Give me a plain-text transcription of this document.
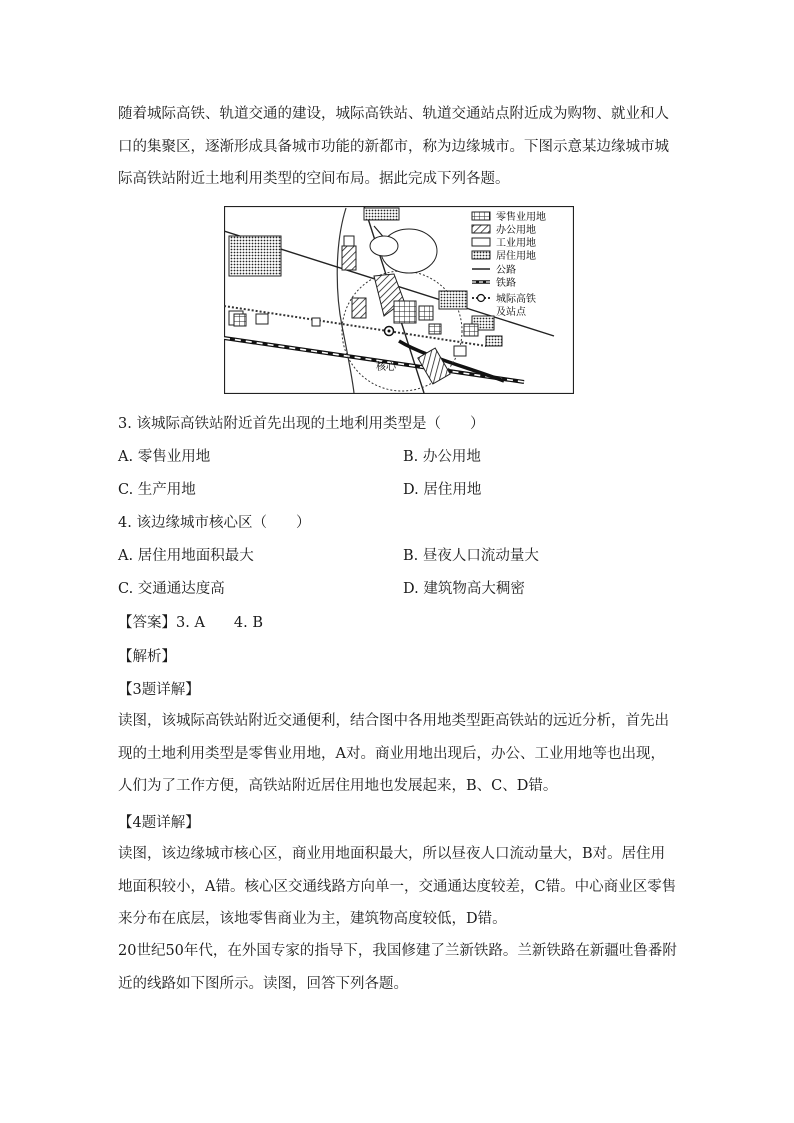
随着城际高铁、轨道交通的建设，城际高铁站、轨道交通站点附近成为购物、就业和人口的集聚区，逐渐形成具备城市功能的新都市，称为边缘城市。下图示意某边缘城市城际高铁站附近土地利用类型的空间布局。据此完成下列各题。
核心
零售业用地
办公用地
工业用地
居住用地
公路
铁路
城际高铁
及站点
3. 该城际高铁站附近首先出现的土地利用类型是（　　）
A. 零售业用地	B. 办公用地
C. 生产用地	D. 居住用地
4. 该边缘城市核心区（　　）
A. 居住用地面积最大	B. 昼夜人口流动量大
C. 交通通达度高	D. 建筑物高大稠密
【答案】3. A　　4. B
【解析】
【3题详解】
读图，该城际高铁站附近交通便利，结合图中各用地类型距高铁站的远近分析，首先出现的土地利用类型是零售业用地，A对。商业用地出现后，办公、工业用地等也出现，人们为了工作方便，高铁站附近居住用地也发展起来，B、C、D错。
【4题详解】
读图，该边缘城市核心区，商业用地面积最大，所以昼夜人口流动量大，B对。居住用地面积较小，A错。核心区交通线路方向单一，交通通达度较差，C错。中心商业区零售来分布在底层，该地零售商业为主，建筑物高度较低，D错。
20世纪50年代，在外国专家的指导下，我国修建了兰新铁路。兰新铁路在新疆吐鲁番附近的线路如下图所示。读图，回答下列各题。
